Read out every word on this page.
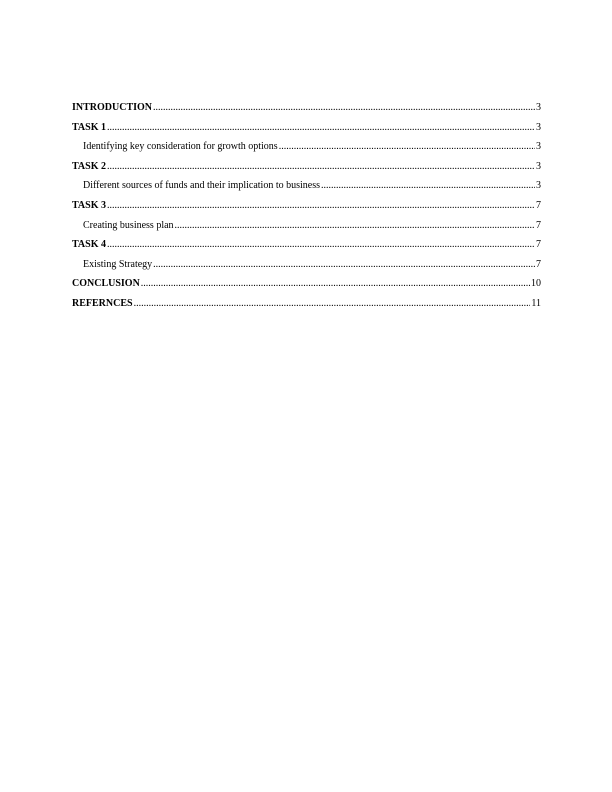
INTRODUCTION .....	3
TASK 1 .....	3
Identifying key consideration for growth options .....	3
TASK 2 .....	3
Different sources of funds and their implication to business .....	3
TASK 3 .....	7
Creating business plan .....	7
TASK 4 .....	7
Existing Strategy .....	7
CONCLUSION .....	10
REFERNCES .....	11
